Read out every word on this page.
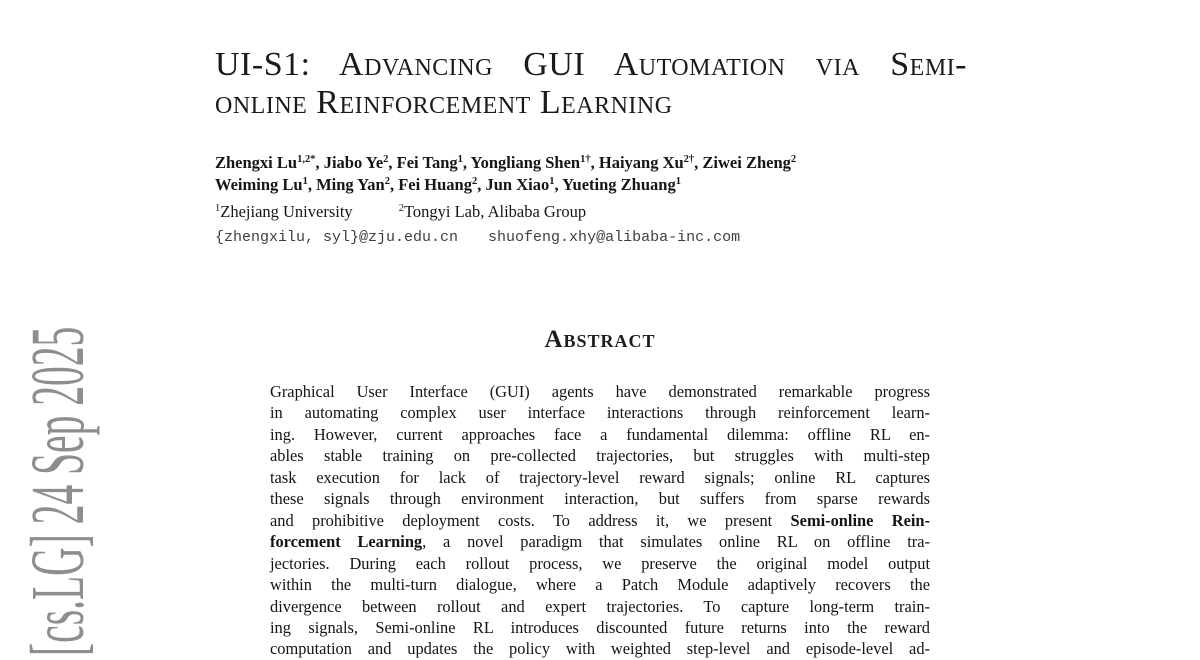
[cs.LG] 24 Sep 2025
UI-S1: Advancing GUI Automation via Semi-
online Reinforcement Learning
Zhengxi $Lu^{1,2*}$, Jiabo Ye$^2$, Fei Tang$^1$, Yongliang Shen$^{1\dagger}$, Haiyang $Xu^{2\dagger}$, Ziwei Zheng$^2$
Weiming Lu$^1$, Ming Yan$^2$, Fei Huang$^2$, Jun Xiao$^1$, Yueting Zhuang$^1$
$^1$Zhejiang University	$^2$Tongyi Lab, Alibaba Group
{zhengxilu, syl}@zju.edu.cn shuofeng.xhy@alibaba-inc.com
Abstract
Graphical User Interface (GUI) agents have demonstrated remarkable progress
in automating complex user interface interactions through reinforcement learn-
ing. However, current approaches face a fundamental dilemma: offline RL en-
ables stable training on pre-collected trajectories, but struggles with multi-step
task execution for lack of trajectory-level reward signals; online RL captures
these signals through environment interaction, but suffers from sparse rewards
and prohibitive deployment costs. To address it, we present Semi-online Rein-
forcement Learning, a novel paradigm that simulates online RL on offline tra-
jectories. During each rollout process, we preserve the original model output
within the multi-turn dialogue, where a Patch Module adaptively recovers the
divergence between rollout and expert trajectories. To capture long-term train-
ing signals, Semi-online RL introduces discounted future returns into the reward
computation and updates the policy with weighted step-level and episode-level ad-
